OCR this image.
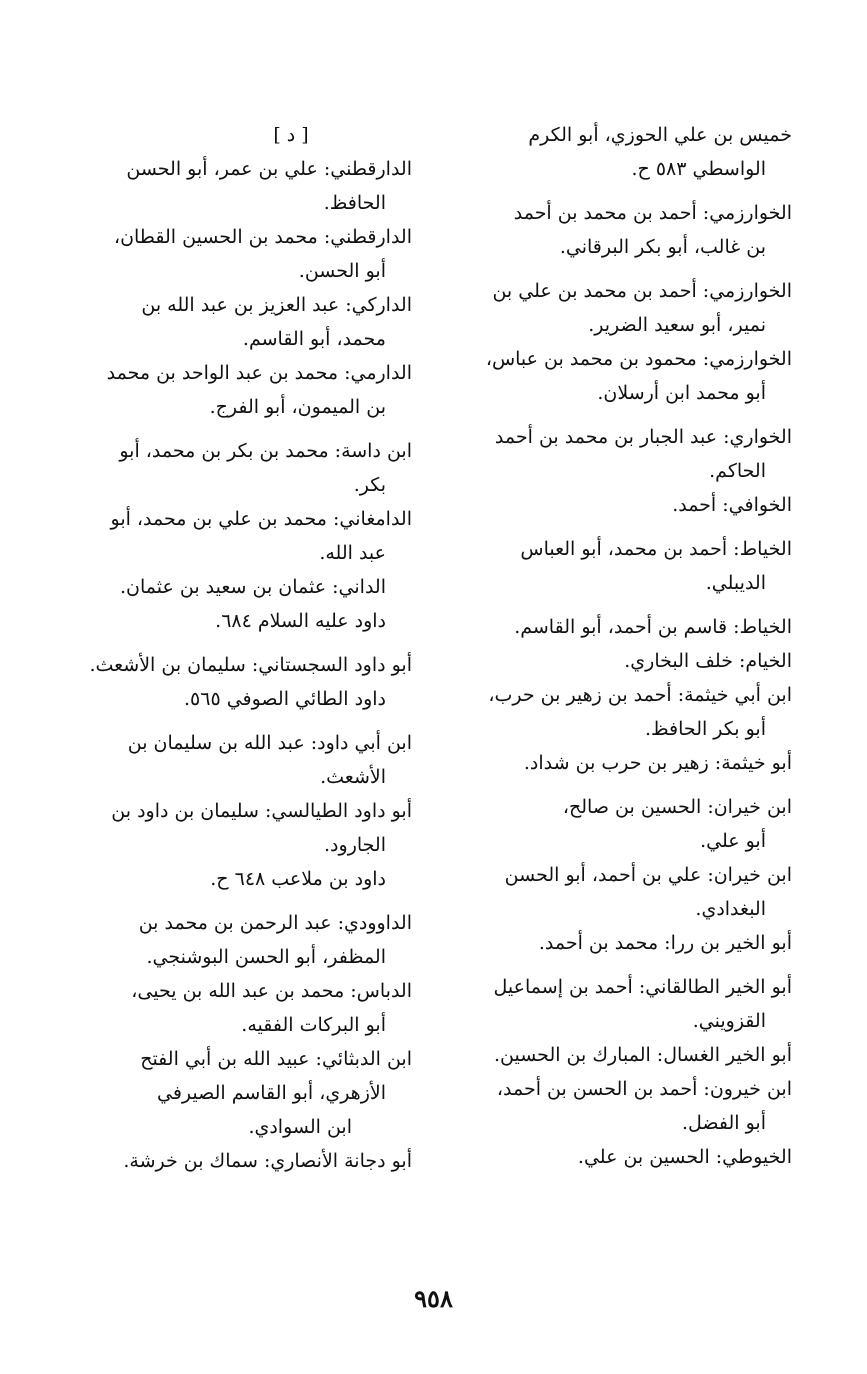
خميس بن علي الحوزي، أبو الكرم
الواسطي ٥٨٣ ح.
الخوارزمي: أحمد بن محمد بن أحمد
بن غالب، أبو بكر البرقاني.
الخوارزمي: أحمد بن محمد بن علي بن
نمير، أبو سعيد الضرير.
الخوارزمي: محمود بن محمد بن عباس،
أبو محمد ابن أرسلان.
الخواري: عبد الجبار بن محمد بن أحمد
الحاكم.
الخوافي: أحمد.
الخياط: أحمد بن محمد، أبو العباس
الديبلي.
الخياط: قاسم بن أحمد، أبو القاسم.
الخيام: خلف البخاري.
ابن أبي خيثمة: أحمد بن زهير بن حرب،
أبو بكر الحافظ.
أبو خيثمة: زهير بن حرب بن شداد.
ابن خيران: الحسين بن صالح،
أبو علي.
ابن خيران: علي بن أحمد، أبو الحسن
البغدادي.
أبو الخير بن ررا: محمد بن أحمد.
أبو الخير الطالقاني: أحمد بن إسماعيل
القزويني.
أبو الخير الغسال: المبارك بن الحسين.
ابن خيرون: أحمد بن الحسن بن أحمد،
أبو الفضل.
الخيوطي: الحسين بن علي.
[ د ]
الدارقطني: علي بن عمر، أبو الحسن
الحافظ.
الدارقطني: محمد بن الحسين القطان،
أبو الحسن.
الداركي: عبد العزيز بن عبد الله بن
محمد، أبو القاسم.
الدارمي: محمد بن عبد الواحد بن محمد
بن الميمون، أبو الفرج.
ابن داسة: محمد بن بكر بن محمد، أبو
بكر.
الدامغاني: محمد بن علي بن محمد، أبو
عبد الله.
الداني: عثمان بن سعيد بن عثمان.
داود عليه السلام ٦٨٤.
أبو داود السجستاني: سليمان بن الأشعث.
داود الطائي الصوفي ٥٦٥.
ابن أبي داود: عبد الله بن سليمان بن
الأشعث.
أبو داود الطيالسي: سليمان بن داود بن
الجارود.
داود بن ملاعب ٦٤٨ ح.
الداوودي: عبد الرحمن بن محمد بن
المظفر، أبو الحسن البوشنجي.
الدباس: محمد بن عبد الله بن يحيى،
أبو البركات الفقيه.
ابن الدبثائي: عبيد الله بن أبي الفتح
الأزهري، أبو القاسم الصيرفي
ابن السوادي.
أبو دجانة الأنصاري: سماك بن خرشة.
٩٥٨
